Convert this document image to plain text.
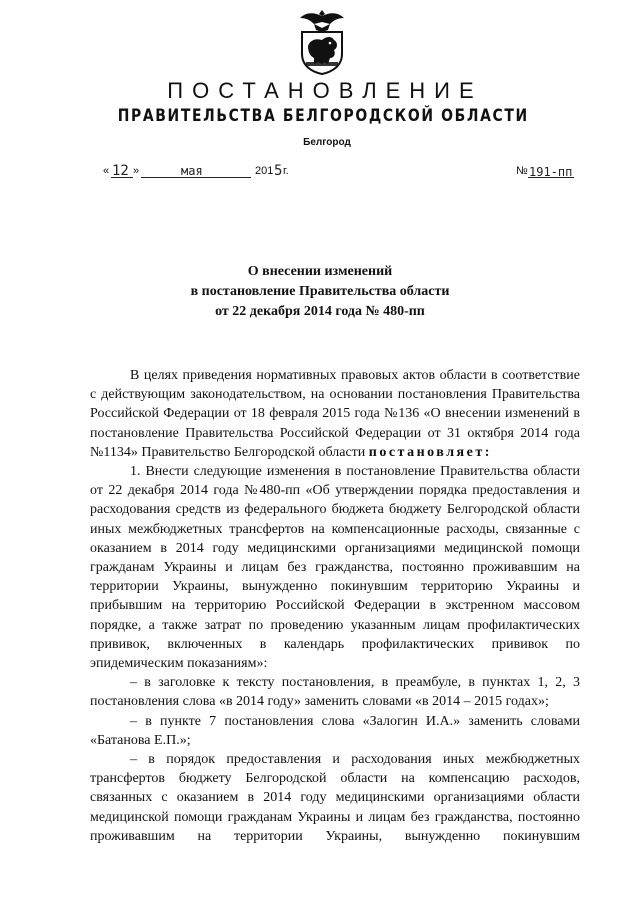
ПОСТАНОВЛЕНИЕ
ПРАВИТЕЛЬСТВА БЕЛГОРОДСКОЙ ОБЛАСТИ
Белгород
« 12 »	мая	201 5 г.	№ 191-пп
О внесении изменений
в постановление Правительства области
от 22 декабря 2014 года № 480-пп

В целях приведения нормативных правовых актов области в соответствие с действующим законодательством, на основании постановления Правительства Российской Федерации от 18 февраля 2015 года №136 «О внесении изменений в постановление Правительства Российской Федерации от 31 октября 2014 года №1134» Правительство Белгородской области постановляет:

1. Внести следующие изменения в постановление Правительства области от 22 декабря 2014 года №480-пп «Об утверждении порядка предоставления и расходования средств из федерального бюджета бюджету Белгородской области иных межбюджетных трансфертов на компенсационные расходы, связанные с оказанием в 2014 году медицинскими организациями медицинской помощи гражданам Украины и лицам без гражданства, постоянно проживавшим на территории Украины, вынужденно покинувшим территорию Украины и прибывшим на территорию Российской Федерации в экстренном массовом порядке, а также затрат по проведению указанным лицам профилактических прививок, включенных в календарь профилактических прививок по эпидемическим показаниям»:

– в заголовке к тексту постановления, в преамбуле, в пунктах 1, 2, 3 постановления слова «в 2014 году» заменить словами «в 2014 – 2015 годах»;

– в пункте 7 постановления слова «Залогин И.А.» заменить словами «Батанова Е.П.»;

– в порядок предоставления и расходования иных межбюджетных трансфертов бюджету Белгородской области на компенсацию расходов, связанных с оказанием в 2014 году медицинскими организациями области медицинской помощи гражданам Украины и лицам без гражданства, постоянно проживавшим на территории Украины, вынужденно покинувшим
